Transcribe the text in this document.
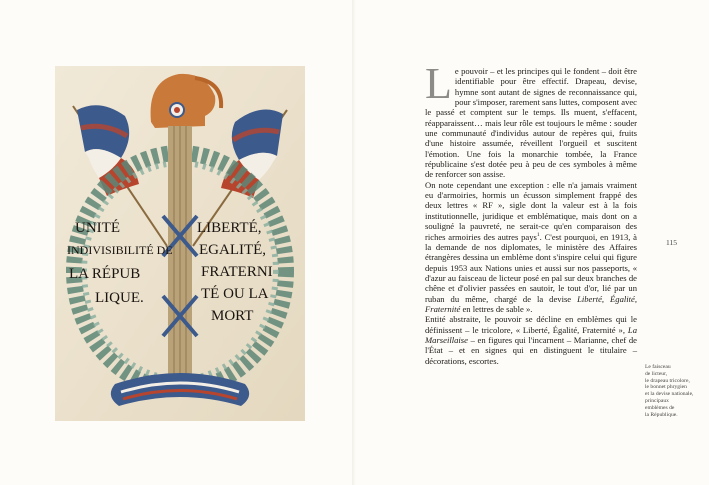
UNITÉ
INDIVISIBILITÉ DE
LA RÉPUB
LIQUE.
LIBERTÉ,
EGALITÉ,
FRATERNI
TÉ OU LA
MORT

Le pouvoir – et les principes qui le fondent – doit être identifiable pour être effectif. Drapeau, devise, hymne sont autant de signes de reconnaissance qui, pour s'imposer, rarement sans luttes, composent avec le passé et comptent sur le temps. Ils muent, s'effacent, réapparaissent… mais leur rôle est toujours le même : souder une communauté d'individus autour de repères qui, fruits d'une histoire assumée, réveillent l'orgueil et suscitent l'émotion. Une fois la monarchie tombée, la France républicaine s'est dotée peu à peu de ces symboles à même de renforcer son assise.

On note cependant une exception : elle n'a jamais vraiment eu d'armoiries, hormis un écusson simplement frappé des deux lettres « RF », sigle dont la valeur est à la fois institutionnelle, juridique et emblématique, mais dont on a souligné la pauvreté, ne serait-ce qu'en comparaison des riches armoiries des autres pays$^1$. C'est pourquoi, en 1913, à la demande de nos diplomates, le ministère des Affaires étrangères dessina un emblème dont s'inspire celui qui figure depuis 1953 aux Nations unies et aussi sur nos passeports, « d'azur au faisceau de licteur posé en pal sur deux branches de chêne et d'olivier passées en sautoir, le tout d'or, lié par un ruban du même, chargé de la devise Liberté, Égalité, Fraternité en lettres de sable ».

Entité abstraite, le pouvoir se décline en emblèmes qui le définissent – le tricolore, « Liberté, Égalité, Fraternité », La Marseillaise – en figures qui l'incarnent – Marianne, chef de l'État – et en signes qui en distinguent le titulaire – décorations, escortes.

115
Le faisceau
de licteur,
le drapeau tricolore,
le bonnet phrygien
et la devise nationale,
principaux
emblèmes de
la République.
